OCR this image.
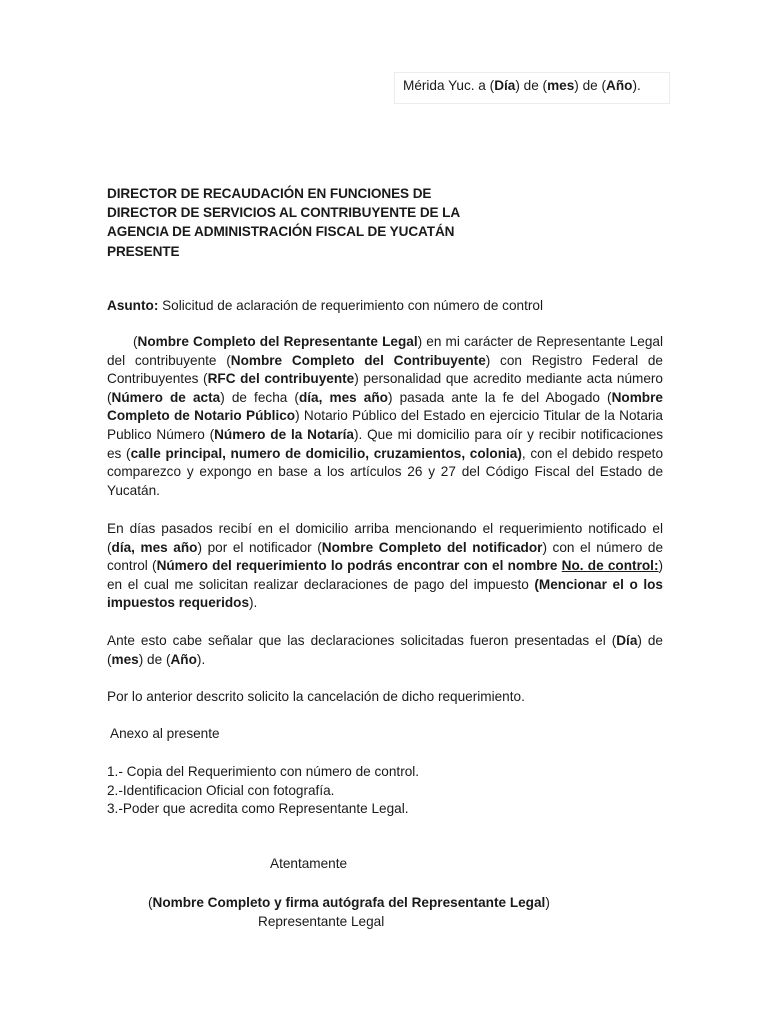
Mérida Yuc. a (Día) de (mes) de (Año).
DIRECTOR DE RECAUDACIÓN EN FUNCIONES DE
DIRECTOR DE SERVICIOS AL CONTRIBUYENTE DE LA
AGENCIA DE ADMINISTRACIÓN FISCAL DE YUCATÁN
PRESENTE
Asunto: Solicitud de aclaración de requerimiento con número de control
(Nombre Completo del Representante Legal) en mi carácter de Representante Legal del contribuyente (Nombre Completo del Contribuyente) con Registro Federal de Contribuyentes (RFC del contribuyente) personalidad que acredito mediante acta número (Número de acta) de fecha (día, mes año) pasada ante la fe del Abogado (Nombre Completo de Notario Público) Notario Público del Estado en ejercicio Titular de la Notaria Publico Número (Número de la Notaría). Que mi domicilio para oír y recibir notificaciones es (calle principal, numero de domicilio, cruzamientos, colonia), con el debido respeto comparezco y expongo en base a los artículos 26 y 27 del Código Fiscal del Estado de Yucatán.
En días pasados recibí en el domicilio arriba mencionando el requerimiento notificado el (día, mes año) por el notificador (Nombre Completo del notificador) con el número de control (Número del requerimiento lo podrás encontrar con el nombre No. de control:) en el cual me solicitan realizar declaraciones de pago del impuesto (Mencionar el o los impuestos requeridos).
Ante esto cabe señalar que las declaraciones solicitadas fueron presentadas el (Día) de (mes) de (Año).
Por lo anterior descrito solicito la cancelación de dicho requerimiento.
Anexo al presente
1.- Copia del Requerimiento con número de control.
2.-Identificacion Oficial con fotografía.
3.-Poder que acredita como Representante Legal.
Atentamente
(Nombre Completo y firma autógrafa del Representante Legal)
Representante Legal
